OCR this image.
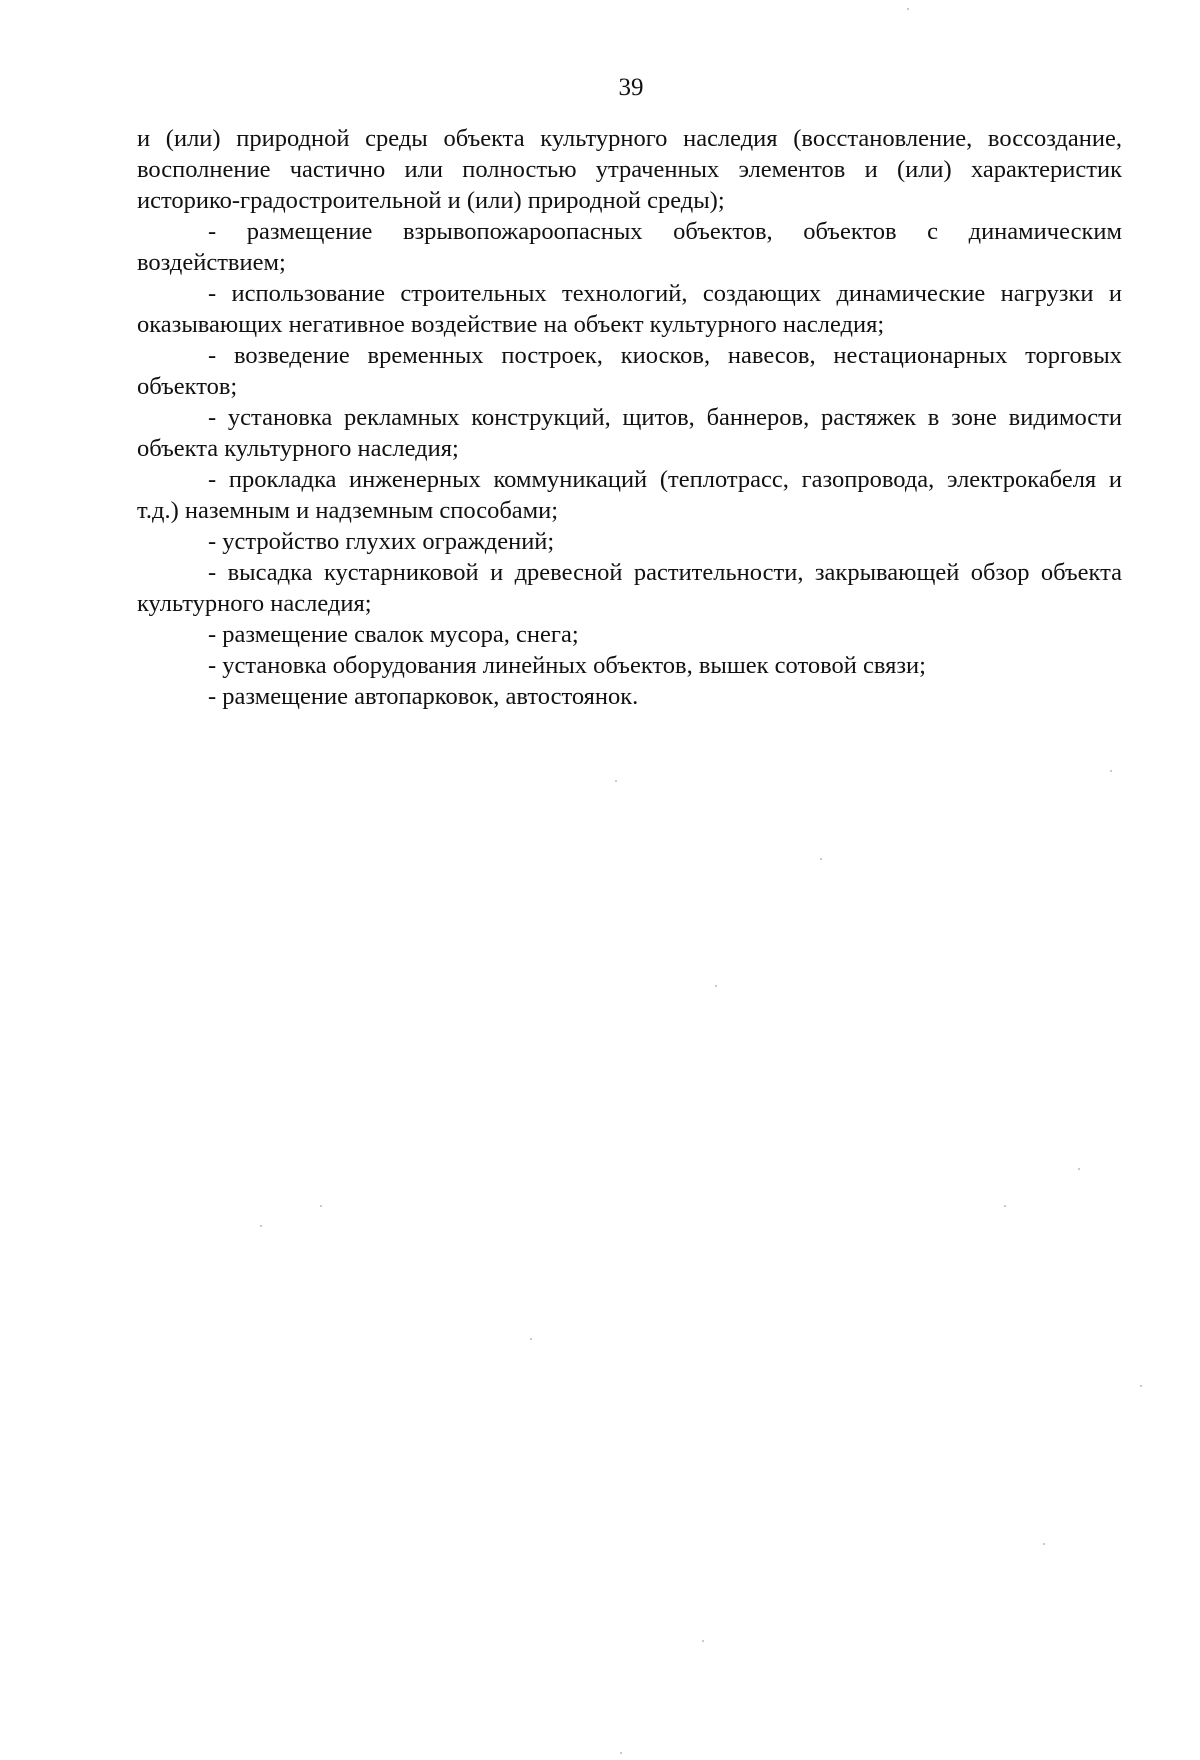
39

и (или) природной среды объекта культурного наследия (восстановление, воссоздание, восполнение частично или полностью утраченных элементов и (или) характеристик историко-градостроительной и (или) природной среды);

- размещение взрывопожароопасных объектов, объектов с динамическим воздействием;

- использование строительных технологий, создающих динамические нагрузки и оказывающих негативное воздействие на объект культурного наследия;

- возведение временных построек, киосков, навесов, нестационарных торговых объектов;

- установка рекламных конструкций, щитов, баннеров, растяжек в зоне видимости объекта культурного наследия;

- прокладка инженерных коммуникаций (теплотрасс, газопровода, электрокабеля и т.д.) наземным и надземным способами;

- устройство глухих ограждений;

- высадка кустарниковой и древесной растительности, закрывающей обзор объекта культурного наследия;

- размещение свалок мусора, снега;

- установка оборудования линейных объектов, вышек сотовой связи;

- размещение автопарковок, автостоянок.
